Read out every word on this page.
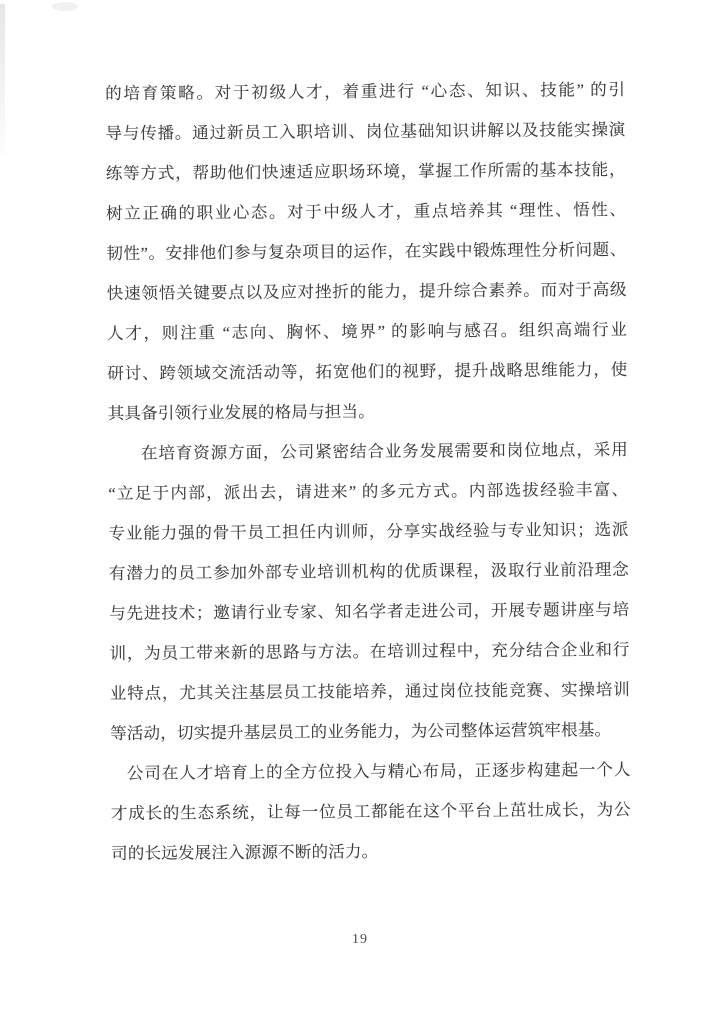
的培育策略。对于初级人才，着重进行 “心态、知识、技能” 的引
导与传播。通过新员工入职培训、岗位基础知识讲解以及技能实操演
练等方式，帮助他们快速适应职场环境，掌握工作所需的基本技能，
树立正确的职业心态。对于中级人才，重点培养其 “理性、悟性、
韧性”。安排他们参与复杂项目的运作，在实践中锻炼理性分析问题、
快速领悟关键要点以及应对挫折的能力，提升综合素养。而对于高级
人才，则注重 “志向、胸怀、境界” 的影响与感召。组织高端行业
研讨、跨领域交流活动等，拓宽他们的视野，提升战略思维能力，使
其具备引领行业发展的格局与担当。
在培育资源方面，公司紧密结合业务发展需要和岗位地点，采用
“立足于内部，派出去，请进来” 的多元方式。内部选拔经验丰富、
专业能力强的骨干员工担任内训师，分享实战经验与专业知识；选派
有潜力的员工参加外部专业培训机构的优质课程，汲取行业前沿理念
与先进技术；邀请行业专家、知名学者走进公司，开展专题讲座与培
训，为员工带来新的思路与方法。在培训过程中，充分结合企业和行
业特点，尤其关注基层员工技能培养，通过岗位技能竞赛、实操培训
等活动，切实提升基层员工的业务能力，为公司整体运营筑牢根基。
公司在人才培育上的全方位投入与精心布局，正逐步构建起一个人
才成长的生态系统，让每一位员工都能在这个平台上茁壮成长，为公
司的长远发展注入源源不断的活力。
19
